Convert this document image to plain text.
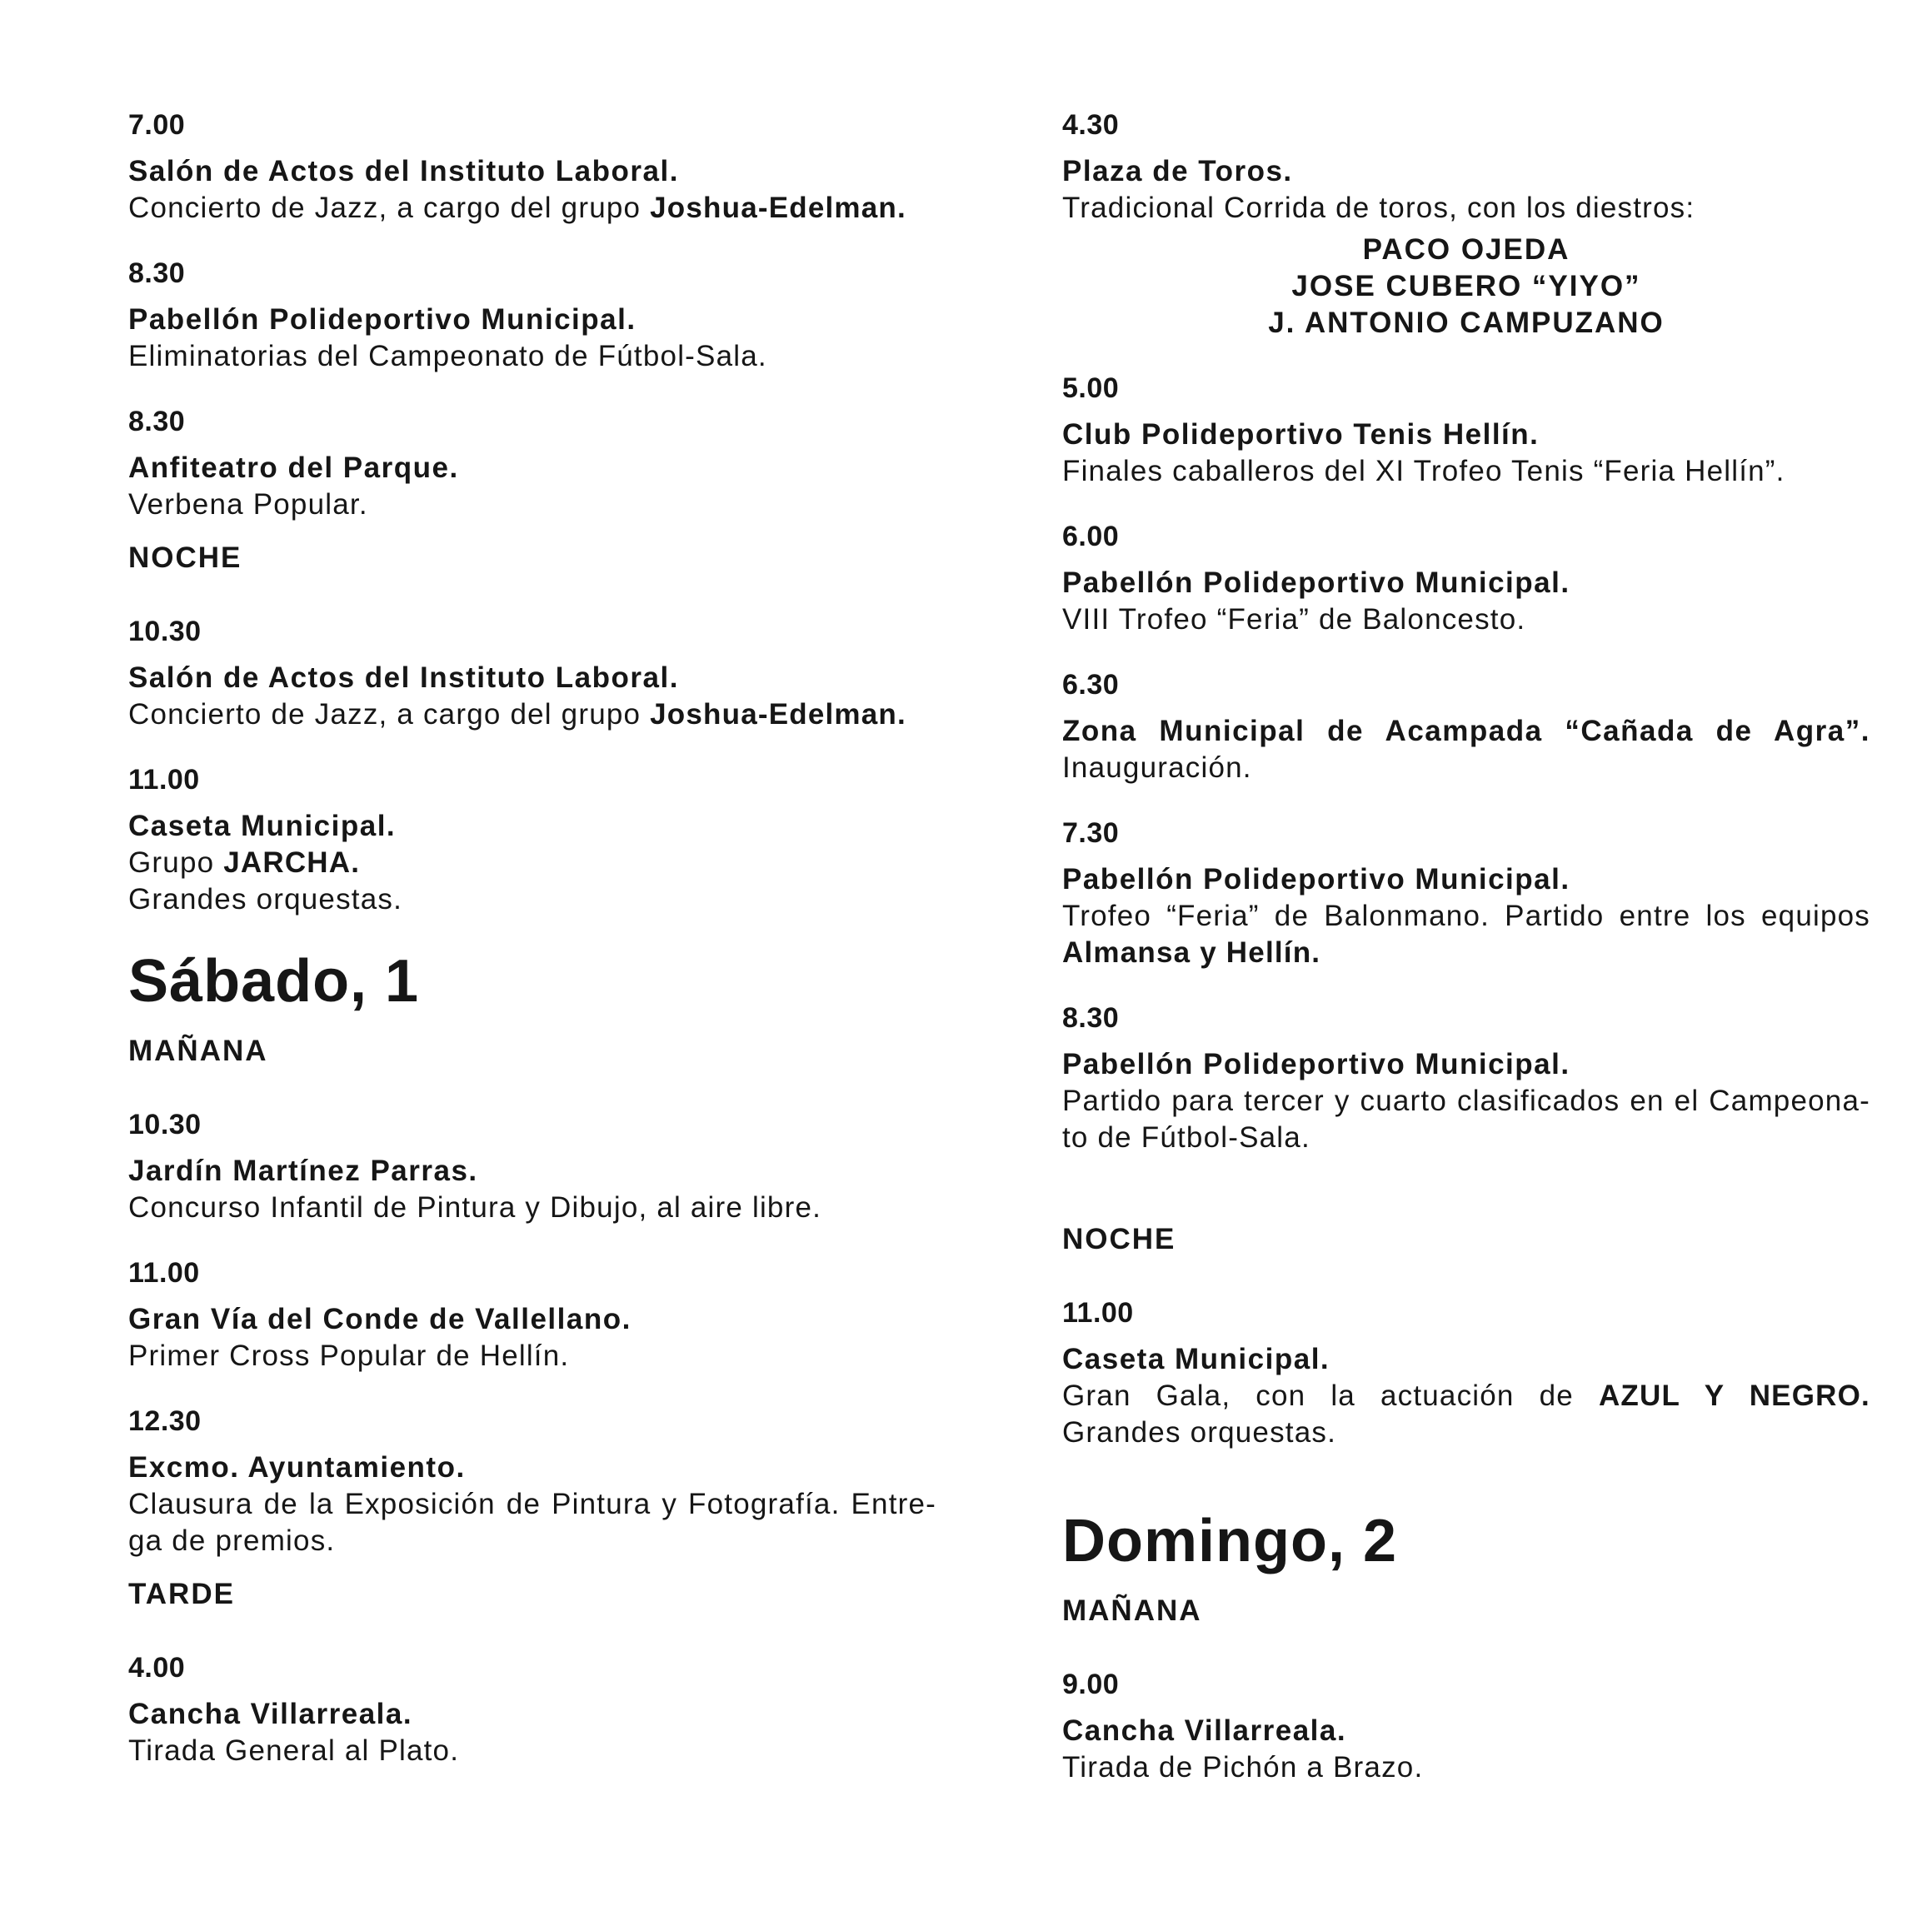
7.00
Salón de Actos del Instituto Laboral.
Concierto de Jazz, a cargo del grupo Joshua-Edelman.
8.30
Pabellón Polideportivo Municipal.
Eliminatorias del Campeonato de Fútbol-Sala.
8.30
Anfiteatro del Parque.
Verbena Popular.
NOCHE
10.30
Salón de Actos del Instituto Laboral.
Concierto de Jazz, a cargo del grupo Joshua-Edelman.
11.00
Caseta Municipal.
Grupo JARCHA.
Grandes orquestas.
Sábado, 1
MAÑANA
10.30
Jardín Martínez Parras.
Concurso Infantil de Pintura y Dibujo, al aire libre.
11.00
Gran Vía del Conde de Vallellano.
Primer Cross Popular de Hellín.
12.30
Excmo. Ayuntamiento.
Clausura de la Exposición de Pintura y Fotografía. Entre-
ga de premios.
TARDE
4.00
Cancha Villarreala.
Tirada General al Plato.
4.30
Plaza de Toros.
Tradicional Corrida de toros, con los diestros:
PACO OJEDA
JOSE CUBERO “YIYO”
J. ANTONIO CAMPUZANO
5.00
Club Polideportivo Tenis Hellín.
Finales caballeros del XI Trofeo Tenis “Feria Hellín”.
6.00
Pabellón Polideportivo Municipal.
VIII Trofeo “Feria” de Baloncesto.
6.30
Zona Municipal de Acampada “Cañada de Agra”.
Inauguración.
7.30
Pabellón Polideportivo Municipal.
Trofeo “Feria” de Balonmano. Partido entre los equipos
Almansa y Hellín.
8.30
Pabellón Polideportivo Municipal.
Partido para tercer y cuarto clasificados en el Campeona-
to de Fútbol-Sala.
NOCHE
11.00
Caseta Municipal.
Gran Gala, con la actuación de AZUL Y NEGRO.
Grandes orquestas.
Domingo, 2
MAÑANA
9.00
Cancha Villarreala.
Tirada de Pichón a Brazo.
